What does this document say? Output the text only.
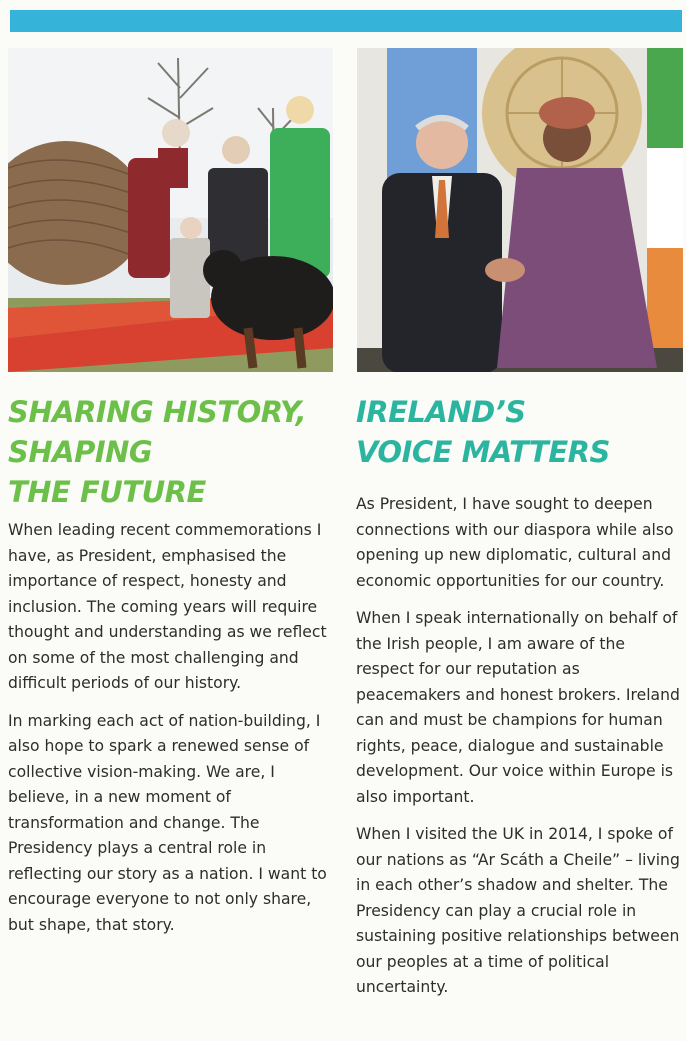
SHARING HISTORY,
SHAPING
THE FUTURE

When leading recent commemorations I have, as President, emphasised the importance of respect, honesty and inclusion. The coming years will require thought and understanding as we reflect on some of the most challenging and difficult periods of our history.

In marking each act of nation-building, I also hope to spark a renewed sense of collective vision-making. We are, I believe, in a new moment of transformation and change. The Presidency plays a central role in reflecting our story as a nation. I want to encourage everyone to not only share, but shape, that story.

IRELAND’S
VOICE MATTERS

As President, I have sought to deepen connections with our diaspora while also opening up new diplomatic, cultural and economic opportunities for our country.

When I speak internationally on behalf of the Irish people, I am aware of the respect for our reputation as peacemakers and honest brokers. Ireland can and must be champions for human rights, peace, dialogue and sustainable development. Our voice within Europe is also important.

When I visited the UK in 2014, I spoke of our nations as “Ar Scáth a Cheile” – living in each other’s shadow and shelter. The Presidency can play a crucial role in sustaining positive relationships between our peoples at a time of political uncertainty.
